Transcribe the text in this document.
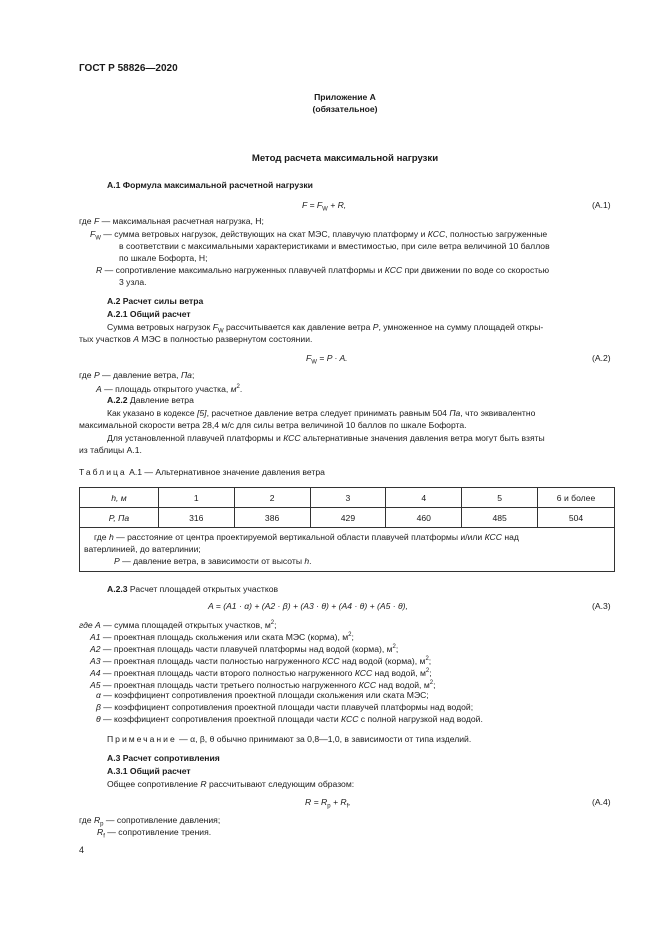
ГОСТ Р 58826—2020
Приложение А
(обязательное)
Метод расчета максимальной нагрузки
А.1 Формула максимальной расчетной нагрузки
$F = F_W + R$,	(А.1)
где F — максимальная расчетная нагрузка, Н;
$F_W$ — сумма ветровых нагрузок, действующих на скат МЭС, плавучую платформу и КСС, полностью загруженные
в соответствии с максимальными характеристиками и вместимостью, при силе ветра величиной 10 баллов
по шкале Бофорта, Н;
R — сопротивление максимально нагруженных плавучей платформы и КСС при движении по воде со скоростью
3 узла.
А.2 Расчет силы ветра
А.2.1 Общий расчет
Сумма ветровых нагрузок $F_W$ рассчитывается как давление ветра P, умноженное на сумму площадей откры-
тых участков А МЭС в полностью развернутом состоянии.
$F_W = P \cdot A$.	(А.2)
где P — давление ветра, Па;
А — площадь открытого участка, $м^2$.
А.2.2 Давление ветра
Как указано в кодексе [5], расчетное давление ветра следует принимать равным 504 Па, что эквивалентно
максимальной скорости ветра 28,4 м/с для силы ветра величиной 10 баллов по шкале Бофорта.
Для установленной плавучей платформы и КСС альтернативные значения давления ветра могут быть взяты
из таблицы А.1.
Таблица А.1 — Альтернативное значение давления ветра
h, м	1	2	3	4	5	6 и более
P, Па	316	386	429	460	485	504
где h — расстояние от центра проектируемой вертикальной области плавучей платформы и/или КСС над
ватерлинией, до ватерлинии;
P — давление ветра, в зависимости от высоты h.
А.2.3 Расчет площадей открытых участков
A = (A1 · α) + (A2 · β) + (A3 · θ) + (A4 · θ) + (A5 · θ),	(А.3)
где A — сумма площадей открытых участков, $м^2$;
A1 — проектная площадь скольжения или ската МЭС (корма), $м^2$;
A2 — проектная площадь части плавучей платформы над водой (корма), $м^2$;
A3 — проектная площадь части полностью нагруженного КСС над водой (корма), $м^2$;
A4 — проектная площадь части второго полностью нагруженного КСС над водой, $м^2$;
A5 — проектная площадь части третьего полностью нагруженного КСС над водой, $м^2$;
α — коэффициент сопротивления проектной площади скольжения или ската МЭС;
β — коэффициент сопротивления проектной площади части плавучей платформы над водой;
θ — коэффициент сопротивления проектной площади части КСС с полной нагрузкой над водой.
Примечание — α, β, θ обычно принимают за 0,8—1,0, в зависимости от типа изделий.
А.3 Расчет сопротивления
А.3.1 Общий расчет
Общее сопротивление R рассчитывают следующим образом:
$R = R_p + R_f$,	(А.4)
где $R_p$ — сопротивление давления;
$R_f$ — сопротивление трения.
4
